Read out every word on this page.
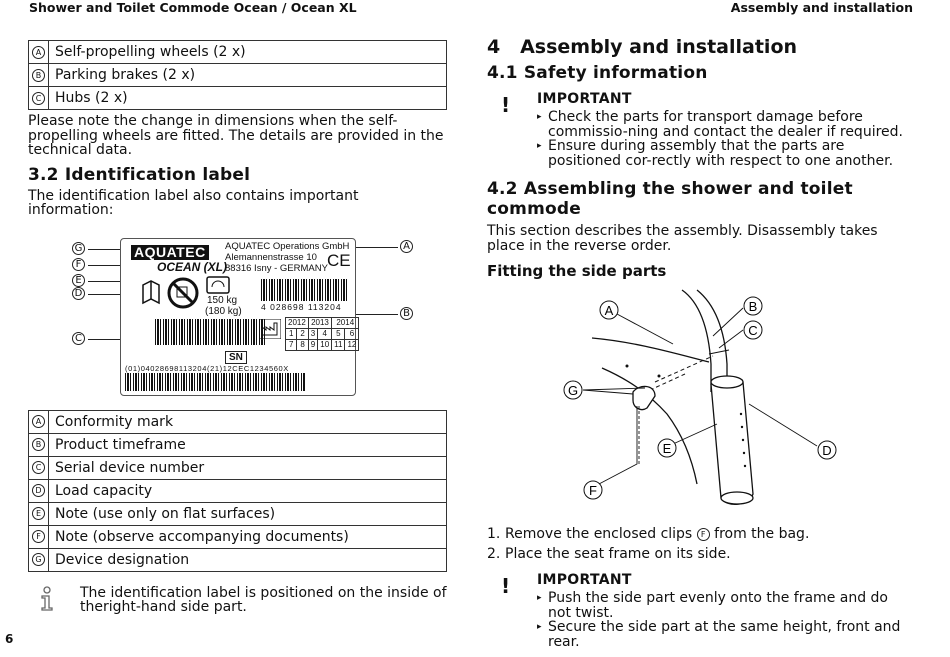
Shower and Toilet Commode Ocean / Ocean XL	Assembly and installation
A	Self-propelling wheels (2 x)
B	Parking brakes (2 x)
C	Hubs (2 x)

Please note the change in dimensions when the self-propelling wheels are fitted. The details are provided in the technical data.

3.2 Identification label

The identification label also contains important information:

G
F
E
D
C
A
B
AQUATEC
OCEAN (XL)
AQUATEC Operations GmbH
Alemannenstrasse 10
88316 Isny - GERMANY CE
150 kg
(180 kg) 4 028698 113204
2012		2013		2014	
1	2	3	4	5	6
7	8	9	10	11	12
SN
(01)04028698113204(21)12CEC1234560X
A	Conformity mark
B	Product timeframe
C	Serial device number
D	Load capacity
E	Note (use only on flat surfaces)
F	Note (observe accompanying documents)
G	Device designation
The identification label is positioned on the inside of theright-hand side part.
4   Assembly and installation
4.1 Safety information
! IMPORTANT
▸ Check the parts for transport damage before commissio-ning and contact the dealer if required.
▸ Ensure during assembly that the parts are positioned cor-rectly with respect to one another.
4.2 Assembling the shower and toilet commode

This section describes the assembly. Disassembly takes place in the reverse order.

Fitting the side parts
A	B
C
G
E	D
F
1. Remove the enclosed clips F from the bag.
2. Place the seat frame on its side.
! IMPORTANT
▸ Push the side part evenly onto the frame and do not twist.
▸ Secure the side part at the same height, front and rear.
6
